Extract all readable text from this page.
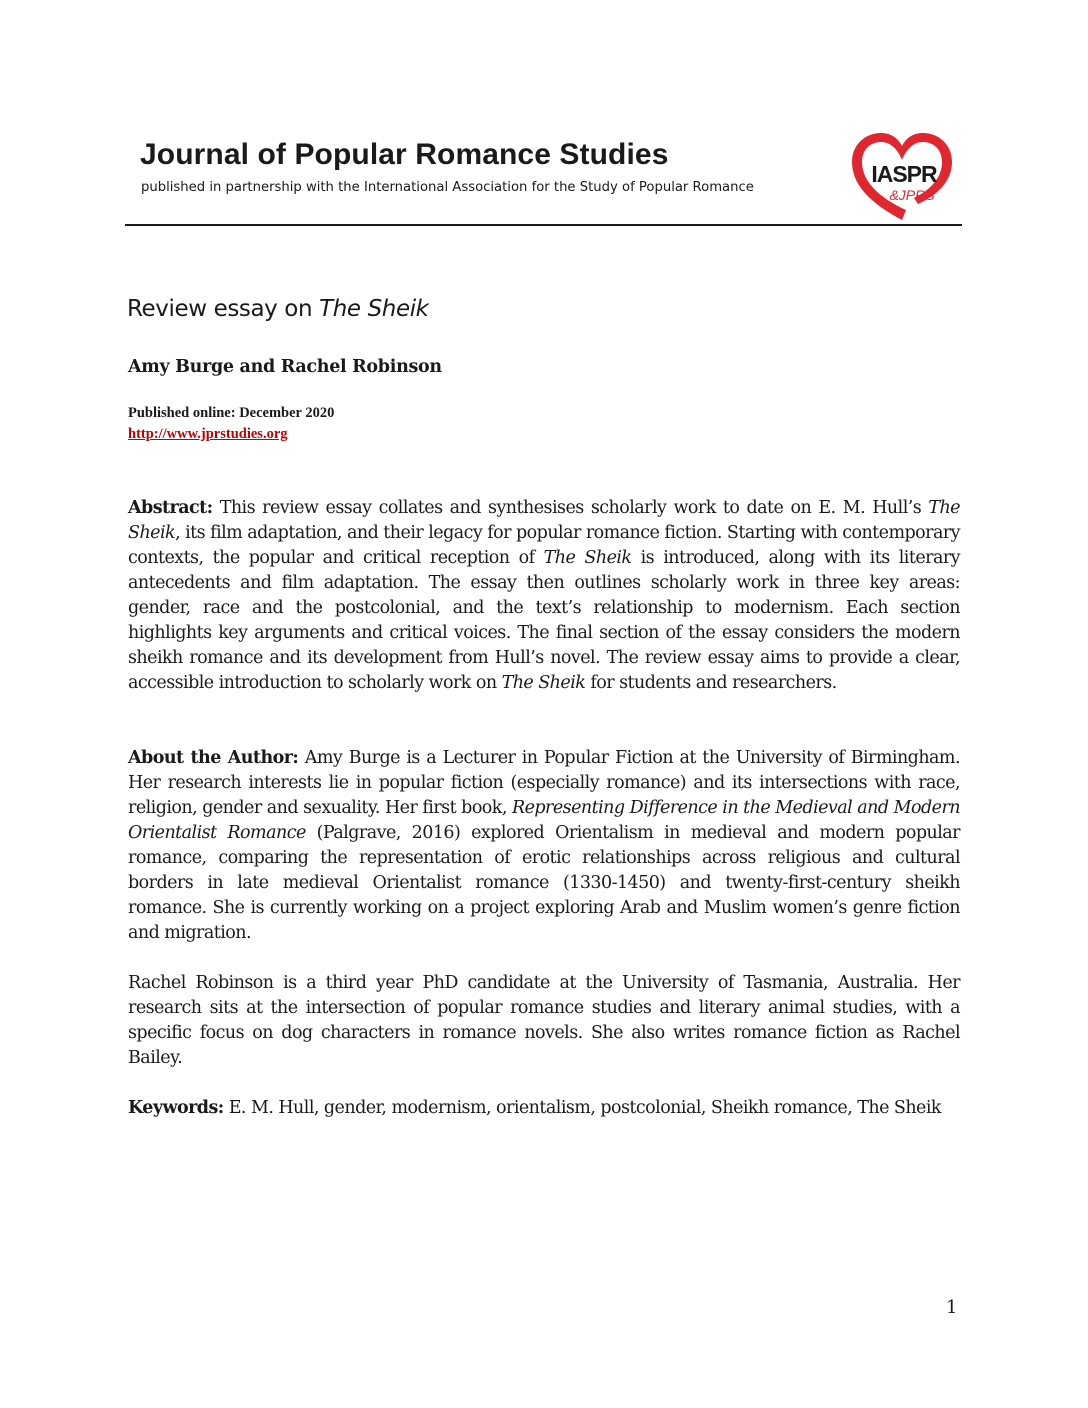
Journal of Popular Romance Studies
published in partnership with the International Association for the Study of Popular Romance
IASPR
&JPRS
Review essay on The Sheik
Amy Burge and Rachel Robinson
Published online: December 2020
http://www.jprstudies.org

Abstract: This review essay collates and synthesises scholarly work to date on E. M. Hull’s The Sheik, its film adaptation, and their legacy for popular romance fiction. Starting with contemporary contexts, the popular and critical reception of The Sheik is introduced, along with its literary antecedents and film adaptation. The essay then outlines scholarly work in three key areas: gender, race and the postcolonial, and the text’s relationship to modernism. Each section highlights key arguments and critical voices. The final section of the essay considers the modern sheikh romance and its development from Hull’s novel. The review essay aims to provide a clear, accessible introduction to scholarly work on The Sheik for students and researchers.

About the Author: Amy Burge is a Lecturer in Popular Fiction at the University of Birmingham. Her research interests lie in popular fiction (especially romance) and its intersections with race, religion, gender and sexuality. Her first book, Representing Difference in the Medieval and Modern Orientalist Romance (Palgrave, 2016) explored Orientalism in medieval and modern popular romance, comparing the representation of erotic relationships across religious and cultural borders in late medieval Orientalist romance (1330-1450) and twenty-first-century sheikh romance. She is currently working on a project exploring Arab and Muslim women’s genre fiction and migration.

Rachel Robinson is a third year PhD candidate at the University of Tasmania, Australia. Her research sits at the intersection of popular romance studies and literary animal studies, with a specific focus on dog characters in romance novels. She also writes romance fiction as Rachel Bailey.

Keywords: E. M. Hull, gender, modernism, orientalism, postcolonial, Sheikh romance, The Sheik

1
